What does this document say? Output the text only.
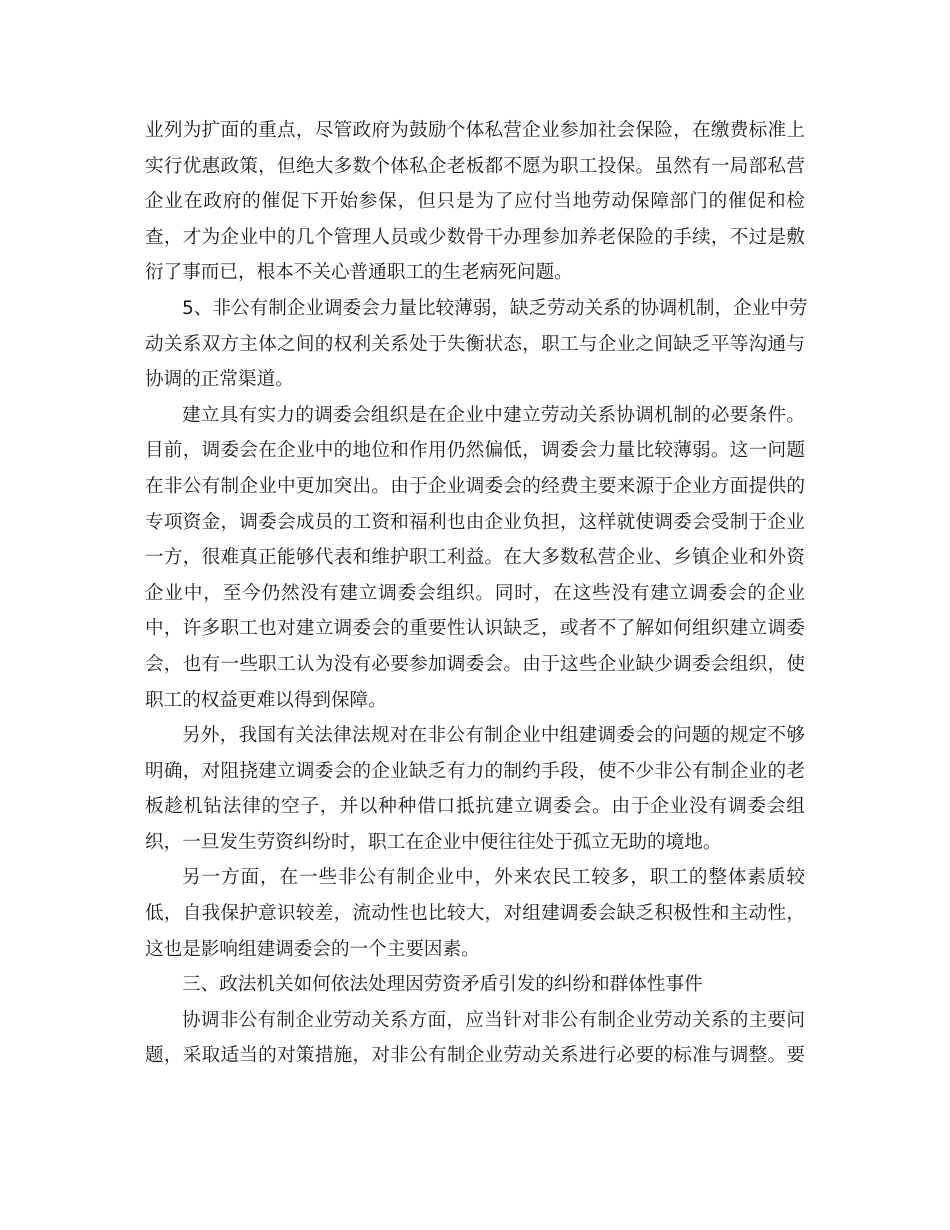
业列为扩面的重点，尽管政府为鼓励个体私营企业参加社会保险，在缴费标准上
实行优惠政策，但绝大多数个体私企老板都不愿为职工投保。虽然有一局部私营
企业在政府的催促下开始参保，但只是为了应付当地劳动保障部门的催促和检
查，才为企业中的几个管理人员或少数骨干办理参加养老保险的手续，不过是敷
衍了事而已，根本不关心普通职工的生老病死问题。
5、非公有制企业调委会力量比较薄弱，缺乏劳动关系的协调机制，企业中劳
动关系双方主体之间的权利关系处于失衡状态，职工与企业之间缺乏平等沟通与
协调的正常渠道。
建立具有实力的调委会组织是在企业中建立劳动关系协调机制的必要条件。
目前，调委会在企业中的地位和作用仍然偏低，调委会力量比较薄弱。这一问题
在非公有制企业中更加突出。由于企业调委会的经费主要来源于企业方面提供的
专项资金，调委会成员的工资和福利也由企业负担，这样就使调委会受制于企业
一方，很难真正能够代表和维护职工利益。在大多数私营企业、乡镇企业和外资
企业中，至今仍然没有建立调委会组织。同时，在这些没有建立调委会的企业
中，许多职工也对建立调委会的重要性认识缺乏，或者不了解如何组织建立调委
会，也有一些职工认为没有必要参加调委会。由于这些企业缺少调委会组织，使
职工的权益更难以得到保障。
另外，我国有关法律法规对在非公有制企业中组建调委会的问题的规定不够
明确，对阻挠建立调委会的企业缺乏有力的制约手段，使不少非公有制企业的老
板趁机钻法律的空子，并以种种借口抵抗建立调委会。由于企业没有调委会组
织，一旦发生劳资纠纷时，职工在企业中便往往处于孤立无助的境地。
另一方面，在一些非公有制企业中，外来农民工较多，职工的整体素质较
低，自我保护意识较差，流动性也比较大，对组建调委会缺乏积极性和主动性，
这也是影响组建调委会的一个主要因素。
三、政法机关如何依法处理因劳资矛盾引发的纠纷和群体性事件
协调非公有制企业劳动关系方面，应当针对非公有制企业劳动关系的主要问
题，采取适当的对策措施，对非公有制企业劳动关系进行必要的标准与调整。要
